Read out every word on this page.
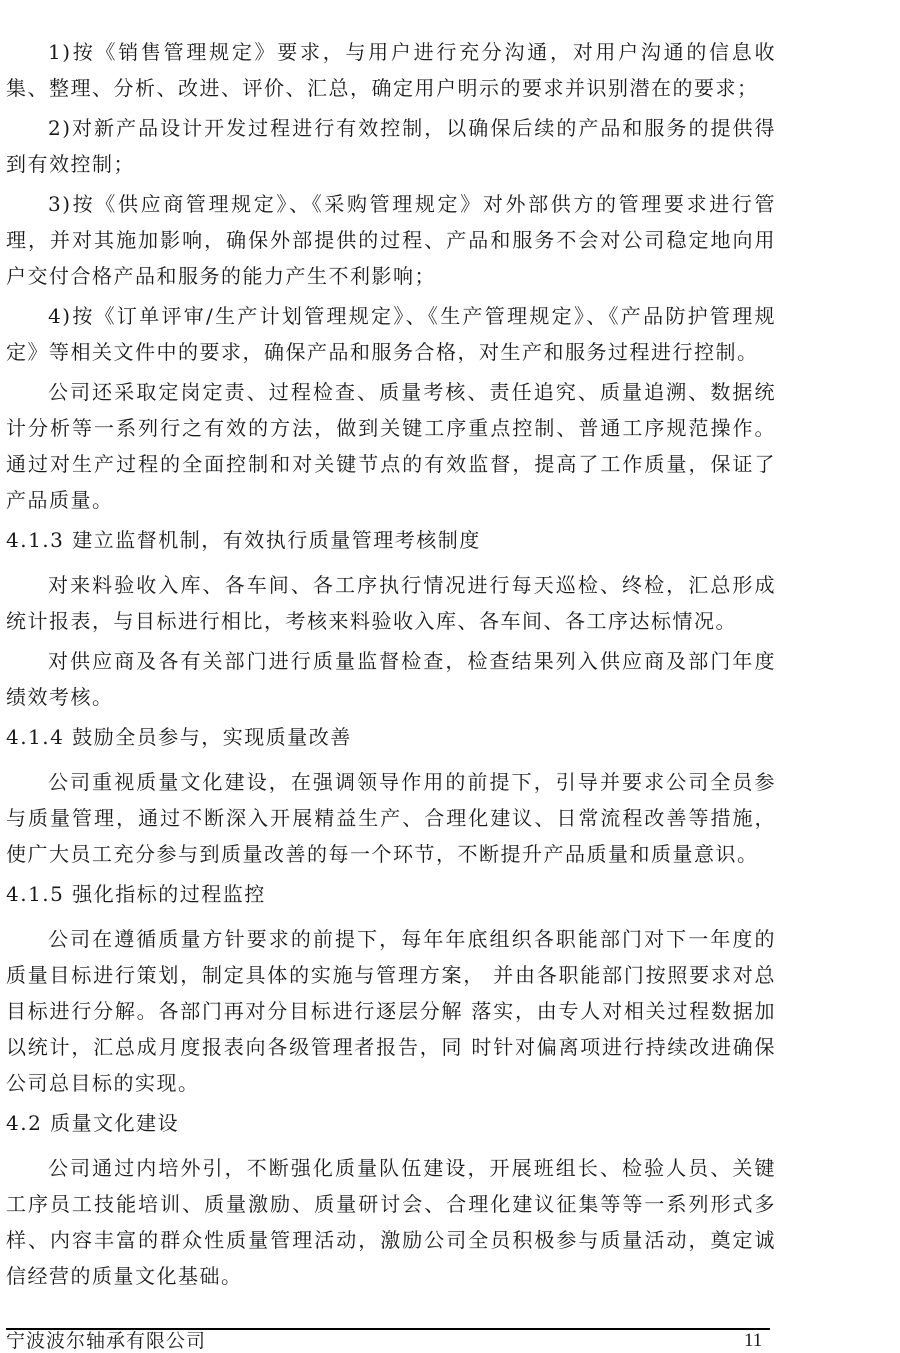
1)按《销售管理规定》要求，与用户进行充分沟通，对用户沟通的信息收集、整理、分析、改进、评价、汇总，确定用户明示的要求并识别潜在的要求；

2)对新产品设计开发过程进行有效控制，以确保后续的产品和服务的提供得到有效控制；

3)按《供应商管理规定》、《采购管理规定》对外部供方的管理要求进行管理，并对其施加影响，确保外部提供的过程、产品和服务不会对公司稳定地向用户交付合格产品和服务的能力产生不利影响；

4)按《订单评审/生产计划管理规定》、《生产管理规定》、《产品防护管理规定》等相关文件中的要求，确保产品和服务合格，对生产和服务过程进行控制。

公司还采取定岗定责、过程检查、质量考核、责任追究、质量追溯、数据统计分析等一系列行之有效的方法，做到关键工序重点控制、普通工序规范操作。通过对生产过程的全面控制和对关键节点的有效监督，提高了工作质量，保证了产品质量。

4.1.3 建立监督机制，有效执行质量管理考核制度

对来料验收入库、各车间、各工序执行情况进行每天巡检、终检，汇总形成统计报表，与目标进行相比，考核来料验收入库、各车间、各工序达标情况。

对供应商及各有关部门进行质量监督检查，检查结果列入供应商及部门年度绩效考核。

4.1.4 鼓励全员参与，实现质量改善

公司重视质量文化建设，在强调领导作用的前提下，引导并要求公司全员参与质量管理，通过不断深入开展精益生产、合理化建议、日常流程改善等措施，使广大员工充分参与到质量改善的每一个环节，不断提升产品质量和质量意识。

4.1.5 强化指标的过程监控

公司在遵循质量方针要求的前提下，每年年底组织各职能部门对下一年度的质量目标进行策划，制定具体的实施与管理方案， 并由各职能部门按照要求对总目标进行分解。各部门再对分目标进行逐层分解 落实，由专人对相关过程数据加以统计，汇总成月度报表向各级管理者报告，同 时针对偏离项进行持续改进确保公司总目标的实现。

4.2 质量文化建设

公司通过内培外引，不断强化质量队伍建设，开展班组长、检验人员、关键工序员工技能培训、质量激励、质量研讨会、合理化建议征集等等一系列形式多样、内容丰富的群众性质量管理活动，激励公司全员积极参与质量活动，奠定诚信经营的质量文化基础。

宁波波尔轴承有限公司	11
